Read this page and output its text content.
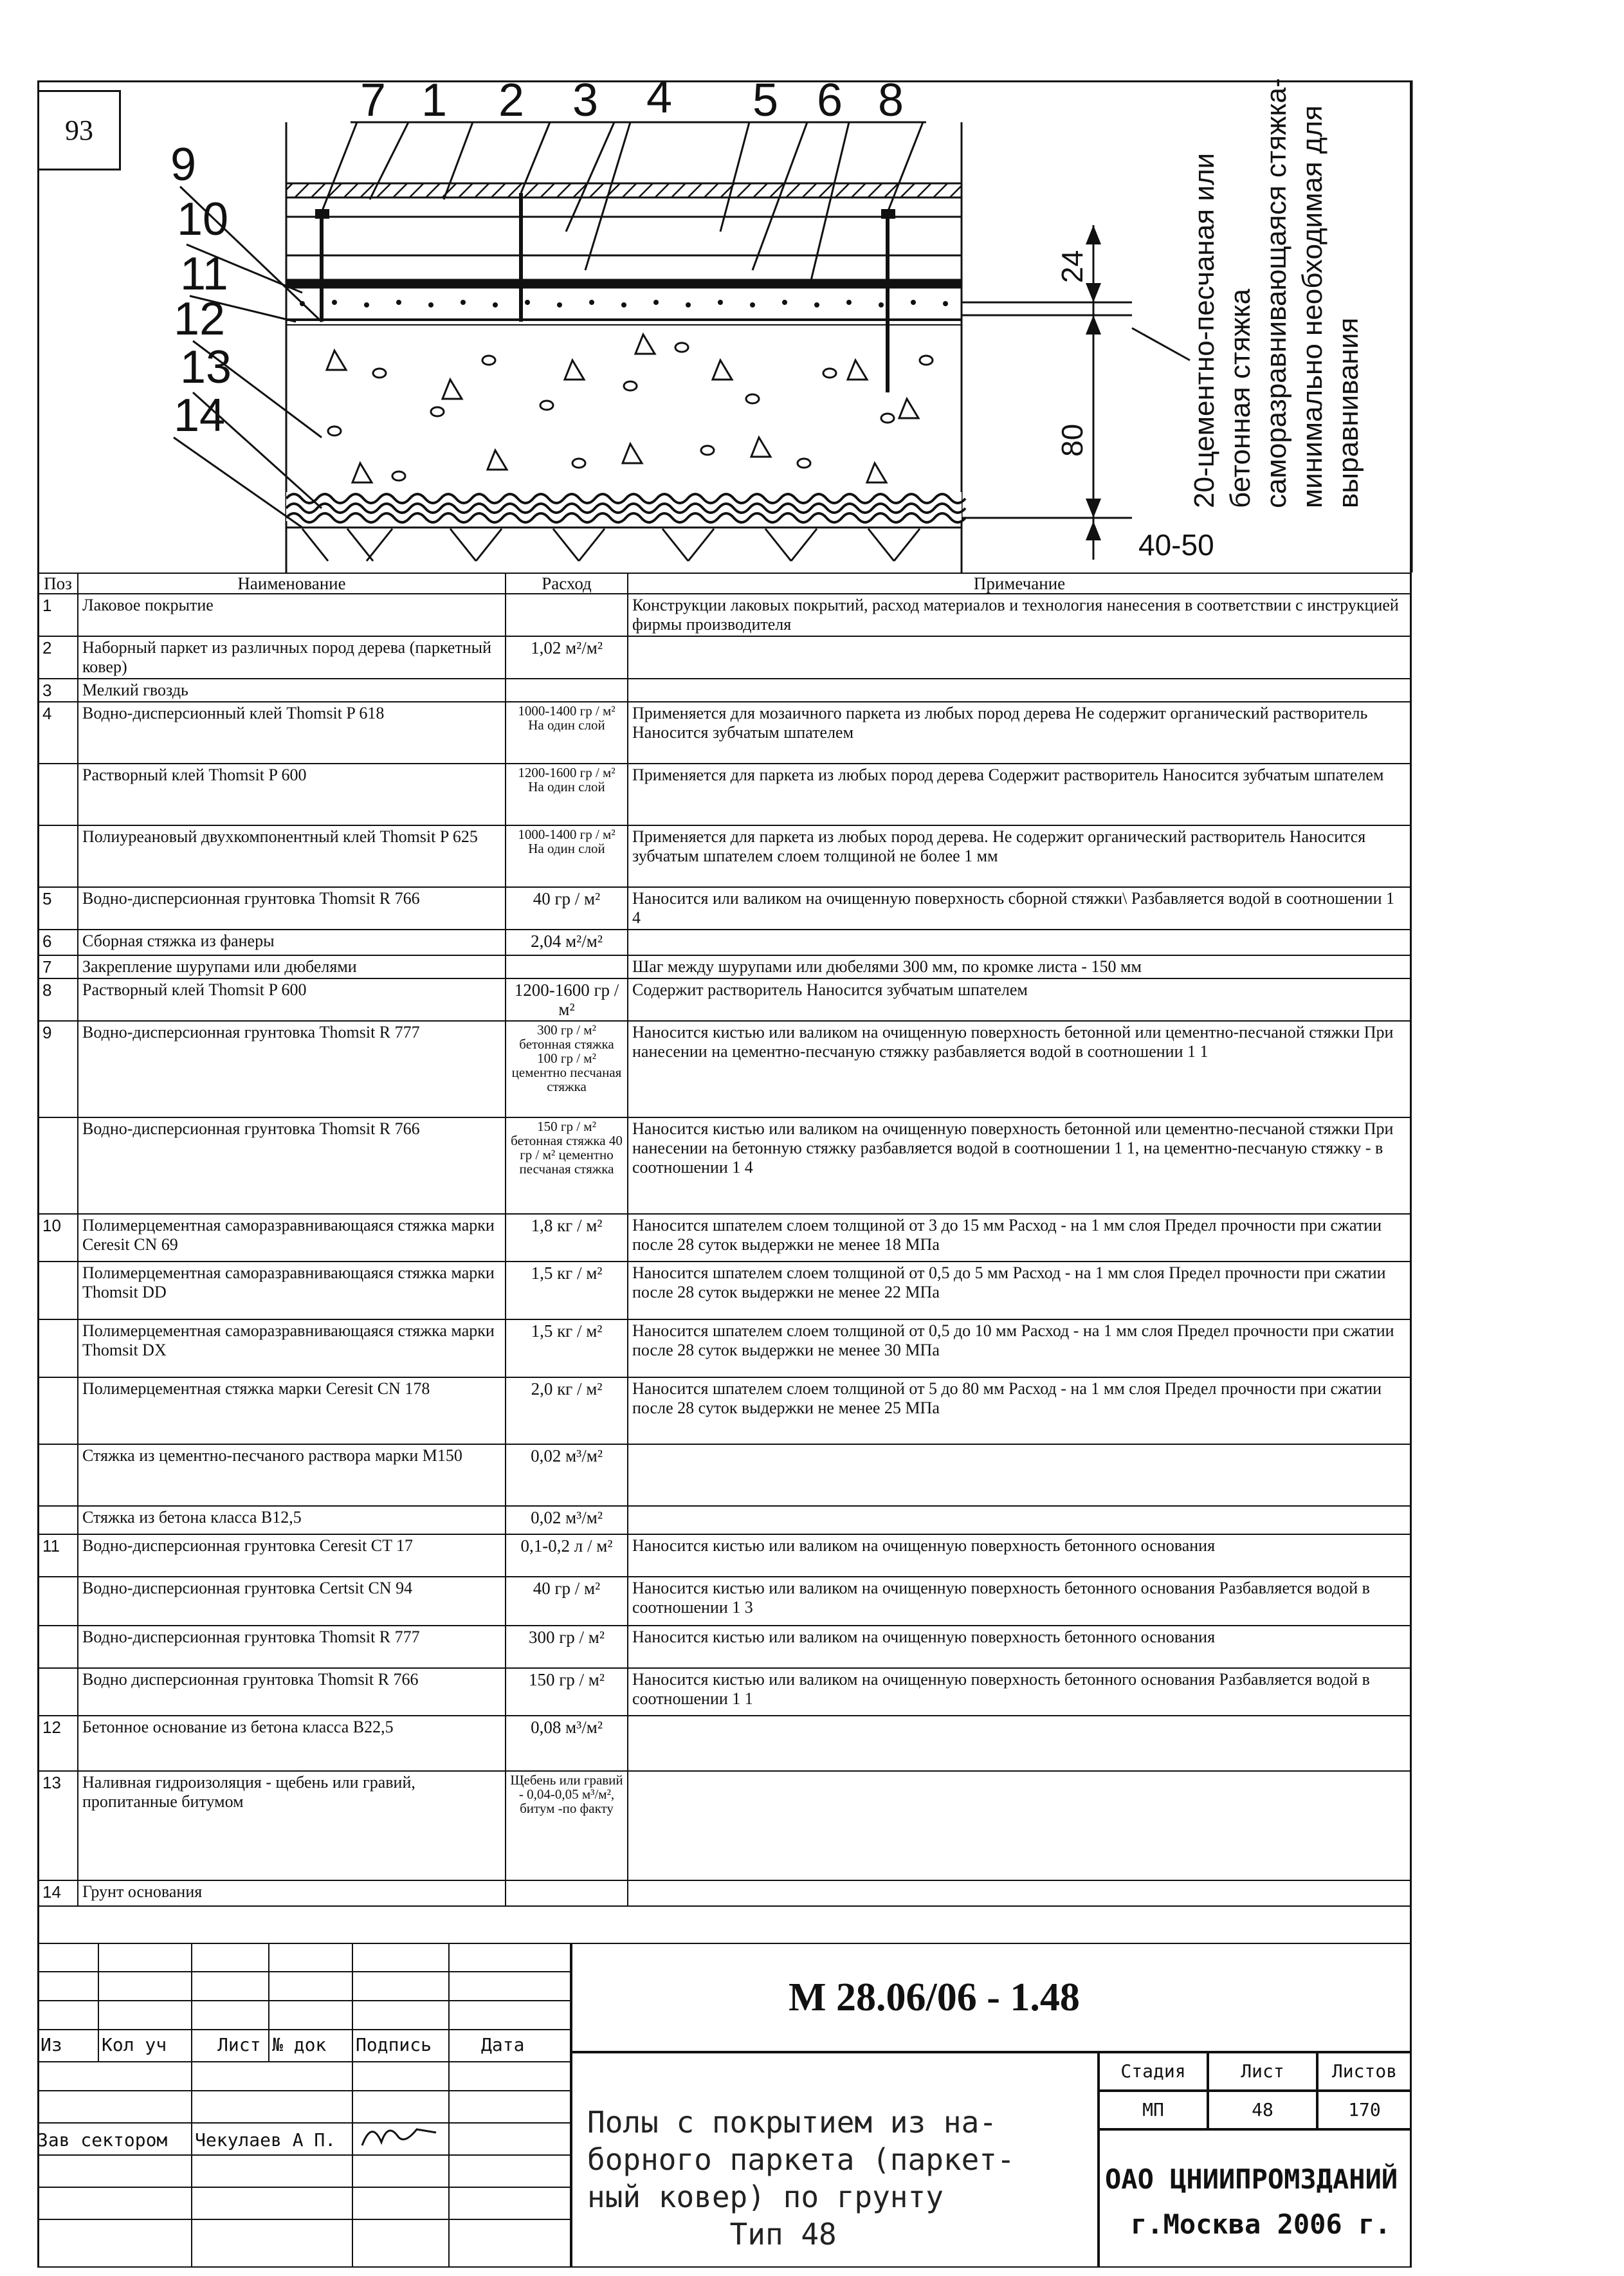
93
7 1 2 3 4 5 6 8
9
10
11
12
13
14
24
80
40-50
20-цементно-песчаная или
бетонная стяжка
саморазравнивающаяся стяжка-
минимально необходимая для
выравнивания
Поз	Наименование	Расход	Примечание
1	Лаковое покрытие		Конструкции лаковых покрытий, расход материалов и технология нанесения в соответствии с инструкцией фирмы производителя
2	Наборный паркет из различных пород дерева (паркетный ковер)	1,02 м²/м²	
3	Мелкий гвоздь		
4	Водно-дисперсионный клей Thomsit P 618	1000-1400 гр / м² На один слой	Применяется для мозаичного паркета из любых пород дерева Не содержит органический растворитель Наносится зубчатым шпателем
	Растворный клей Thomsit P 600	1200-1600 гр / м² На один слой	Применяется для паркета из любых пород дерева Содержит растворитель Наносится зубчатым шпателем
	Полиуреановый двухкомпонентный клей Thomsit P 625	1000-1400 гр / м² На один слой	Применяется для паркета из любых пород дерева. Не содержит органический растворитель Наносится зубчатым шпателем слоем толщиной не более 1 мм
5	Водно-дисперсионная грунтовка Thomsit R 766	40 гр / м²	Наносится или валиком на очищенную поверхность сборной стяжки\ Разбавляется водой в соотношении 1 4
6	Сборная стяжка из фанеры	2,04 м²/м²	
7	Закрепление шурупами или дюбелями		Шаг между шурупами или дюбелями 300 мм, по кромке листа - 150 мм
8	Растворный клей Thomsit P 600	1200-1600 гр / м²	Содержит растворитель Наносится зубчатым шпателем
9	Водно-дисперсионная грунтовка Thomsit R 777	300 гр / м² бетонная стяжка 100 гр / м² цементно песчаная стяжка	Наносится кистью или валиком на очищенную поверхность бетонной или цементно-песчаной стяжки При нанесении на цементно-песчаную стяжку разбавляется водой в соотношении 1 1
	Водно-дисперсионная грунтовка Thomsit R 766	150 гр / м² бетонная стяжка 40 гр / м² цементно песчаная стяжка	Наносится кистью или валиком на очищенную поверхность бетонной или цементно-песчаной стяжки При нанесении на бетонную стяжку разбавляется водой в соотношении 1 1, на цементно-песчаную стяжку - в соотношении 1 4
10	Полимерцементная саморазравнивающаяся стяжка марки Ceresit CN 69	1,8 кг / м²	Наносится шпателем слоем толщиной от 3 до 15 мм Расход - на 1 мм слоя Предел прочности при сжатии после 28 суток выдержки не менее 18 МПа
	Полимерцементная саморазравнивающаяся стяжка марки Thomsit DD	1,5 кг / м²	Наносится шпателем слоем толщиной от 0,5 до 5 мм Расход - на 1 мм слоя Предел прочности при сжатии после 28 суток выдержки не менее 22 МПа
	Полимерцементная саморазравнивающаяся стяжка марки Thomsit DX	1,5 кг / м²	Наносится шпателем слоем толщиной от 0,5 до 10 мм Расход - на 1 мм слоя Предел прочности при сжатии после 28 суток выдержки не менее 30 МПа
	Полимерцементная стяжка марки Ceresit CN 178	2,0 кг / м²	Наносится шпателем слоем толщиной от 5 до 80 мм Расход - на 1 мм слоя Предел прочности при сжатии после 28 суток выдержки не менее 25 МПа
	Стяжка из цементно-песчаного раствора марки М150	0,02 м³/м²	
	Стяжка из бетона класса В12,5	0,02 м³/м²	
11	Водно-дисперсионная грунтовка Ceresit CT 17	0,1-0,2 л / м²	Наносится кистью или валиком на очищенную поверхность бетонного основания
	Водно-дисперсионная грунтовка Certsit CN 94	40 гр / м²	Наносится кистью или валиком на очищенную поверхность бетонного основания Разбавляется водой в соотношении 1 3
	Водно-дисперсионная грунтовка Thomsit R 777	300 гр / м²	Наносится кистью или валиком на очищенную поверхность бетонного основания
	Водно дисперсионная грунтовка Thomsit R 766	150 гр / м²	Наносится кистью или валиком на очищенную поверхность бетонного основания Разбавляется водой в соотношении 1 1
12	Бетонное основание из бетона класса В22,5	0,08 м³/м²	
13	Наливная гидроизоляция - щебень или гравий, пропитанные битумом	Щебень или гравий - 0,04-0,05 м³/м², битум -по факту	
14	Грунт основания		
Из Кол уч	Лист № док Подпись	Дата
Зав сектором Чекулаев А П.
М 28.06/06 - 1.48
Полы с покрытием из на-
борного паркета (паркет-
ный ковер) по грунту
Тип 48
Стадия	Лист	Листов
МП	48	170
ОАО ЦНИИПРОМЗДАНИЙ
г.Москва 2006 г.
